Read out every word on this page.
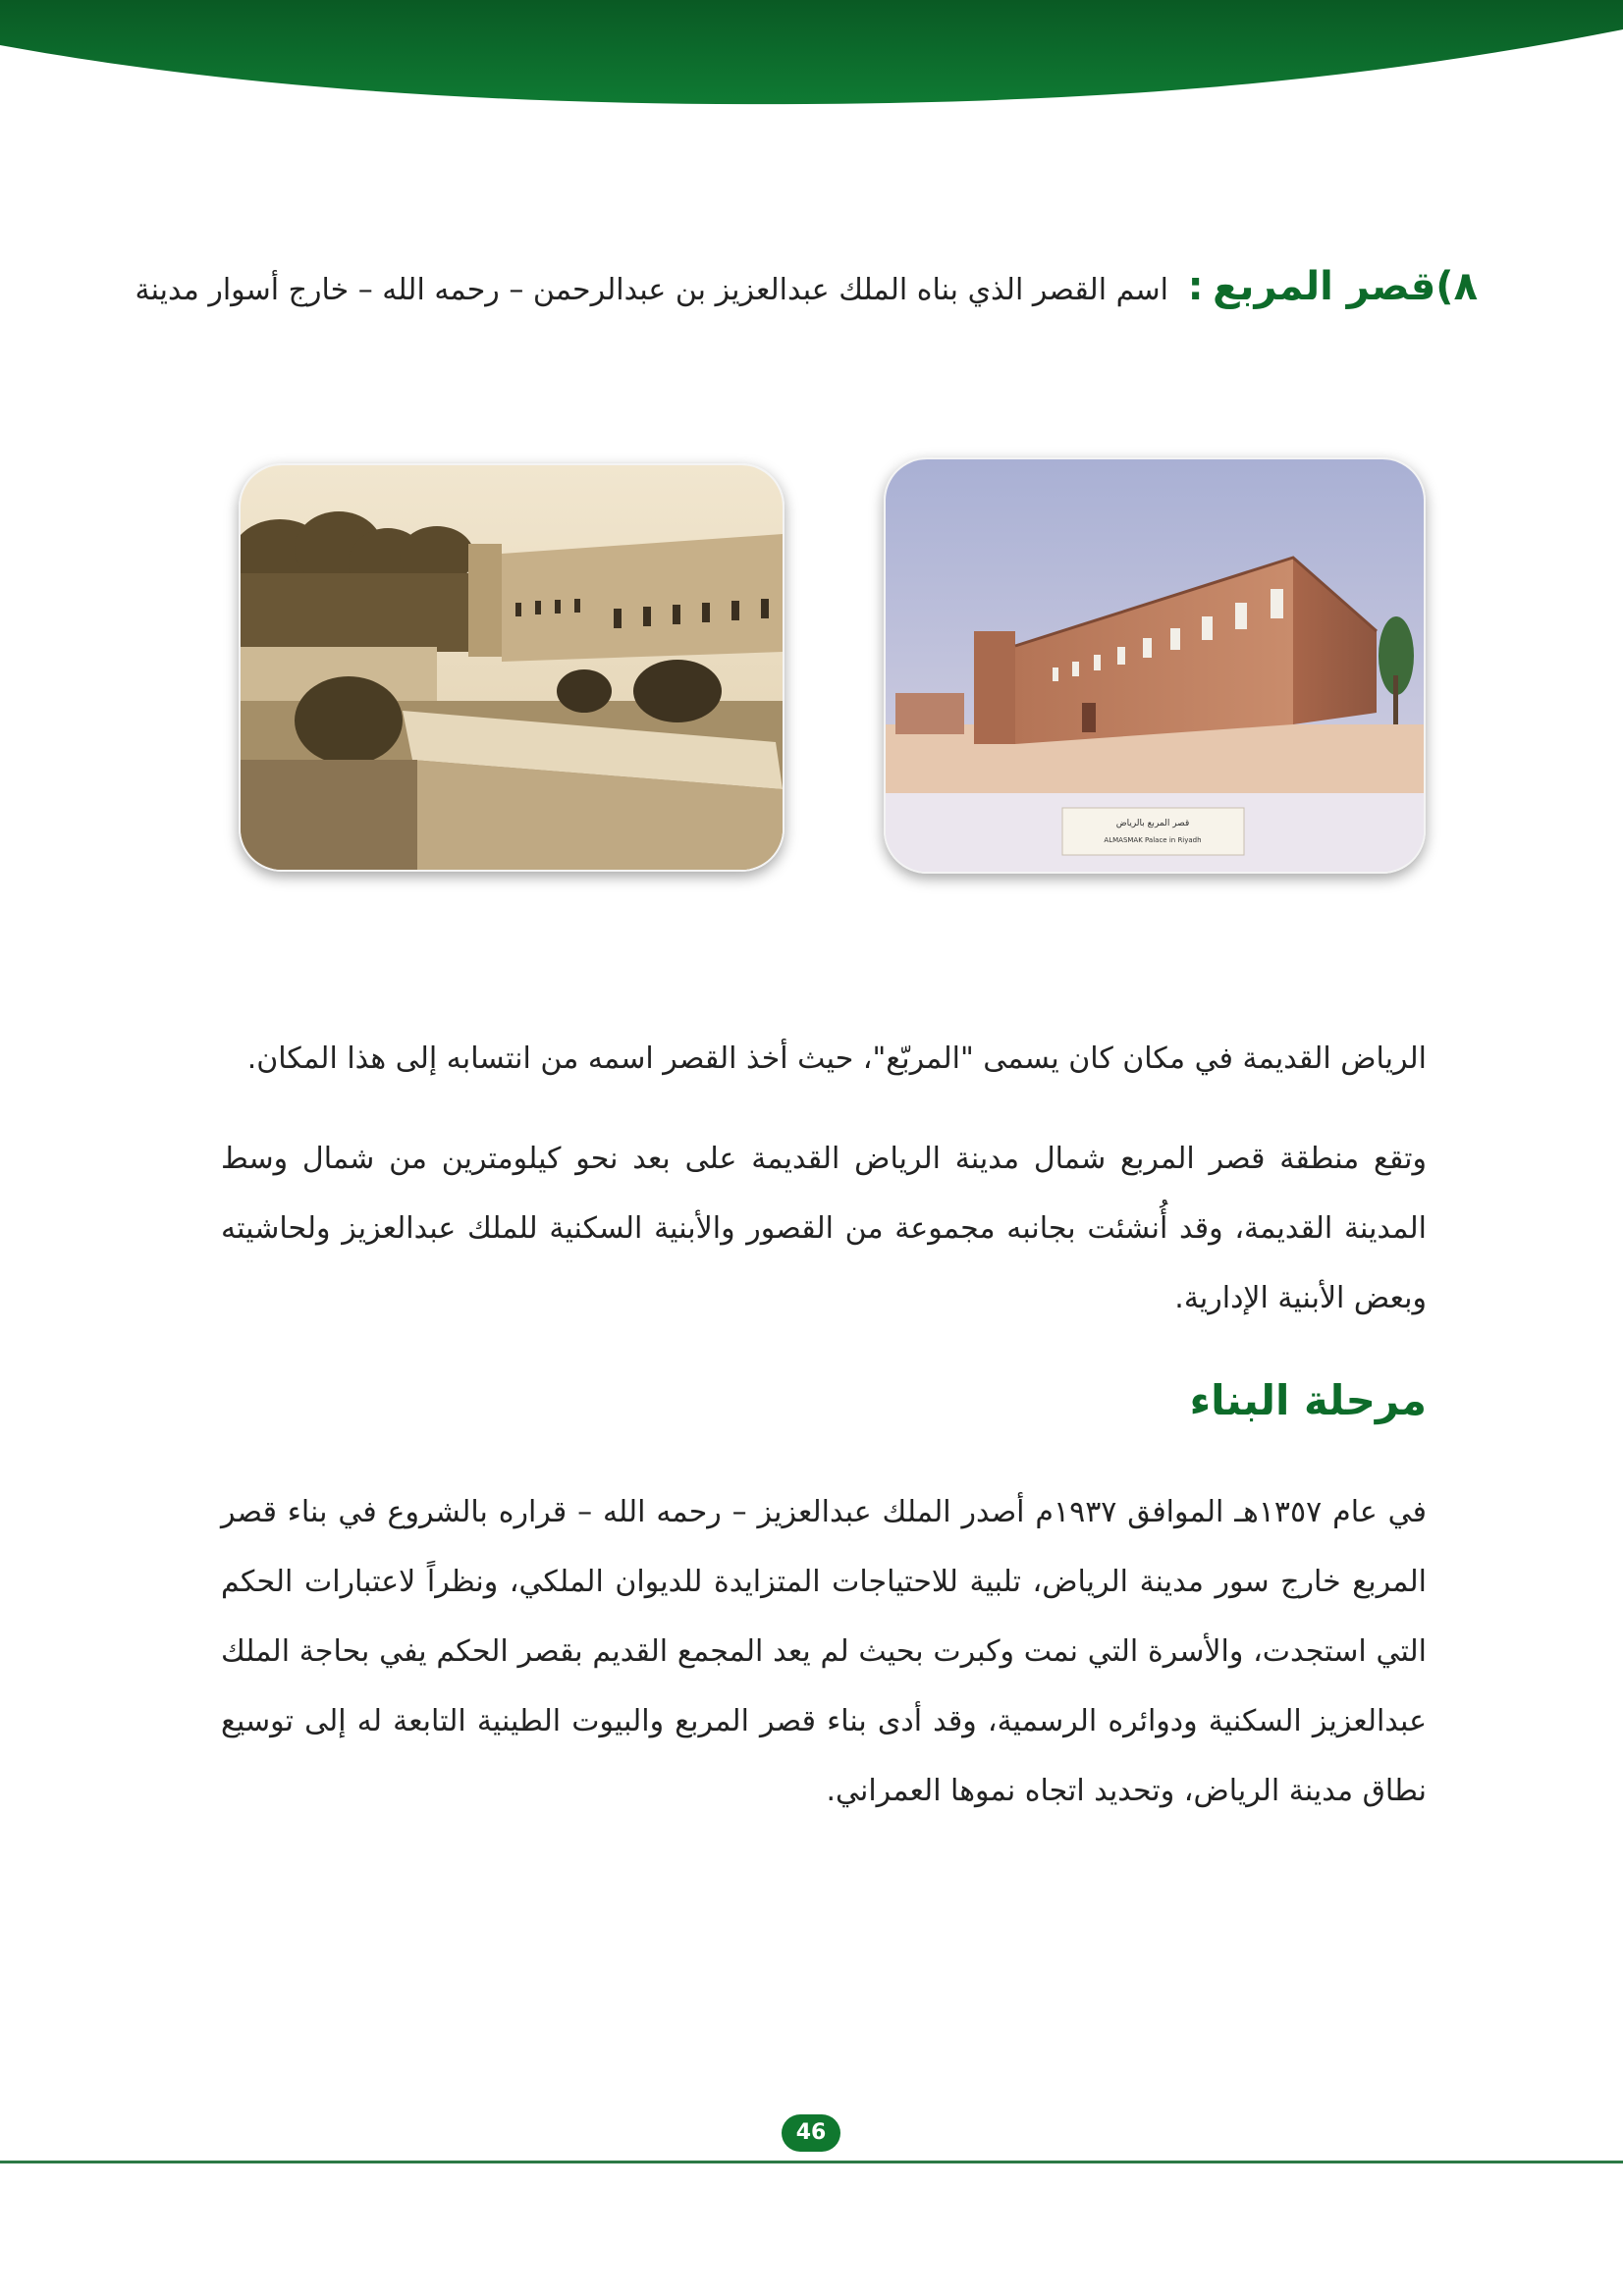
٨)قصر المربع : اسم القصر الذي بناه الملك عبدالعزيز بن عبدالرحمن – رحمه الله – خارج أسوار مدينة
قصر المربع بالرياض
ALMASMAK Palace in Riyadh
الرياض القديمة في مكان كان يسمى "المربّع"، حيث أخذ القصر اسمه من انتسابه إلى هذا المكان.
وتقع منطقة قصر المربع شمال مدينة الرياض القديمة على بعد نحو كيلومترين من شمال وسط المدينة القديمة، وقد أُنشئت بجانبه مجموعة من القصور والأبنية السكنية للملك عبدالعزيز ولحاشيته وبعض الأبنية الإدارية.
مرحلة البناء
في عام ١٣٥٧هـ الموافق ١٩٣٧م أصدر الملك عبدالعزيز – رحمه الله – قراره بالشروع في بناء قصر المربع خارج سور مدينة الرياض، تلبية للاحتياجات المتزايدة للديوان الملكي، ونظراً لاعتبارات الحكم التي استجدت، والأسرة التي نمت وكبرت بحيث لم يعد المجمع القديم بقصر الحكم يفي بحاجة الملك عبدالعزيز السكنية ودوائره الرسمية، وقد أدى بناء قصر المربع والبيوت الطينية التابعة له إلى توسيع نطاق مدينة الرياض، وتحديد اتجاه نموها العمراني.
46
